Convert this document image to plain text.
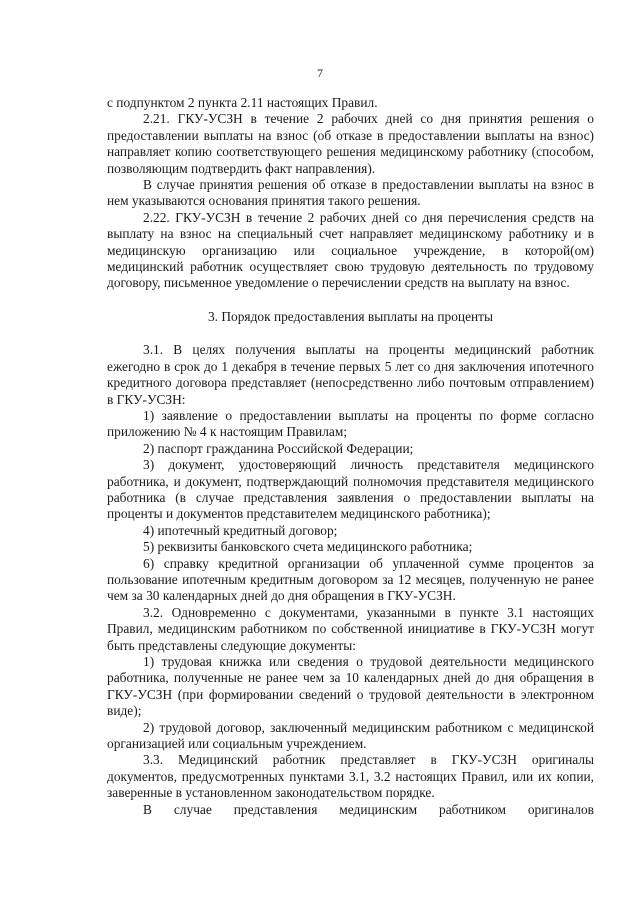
7

с подпунктом 2 пункта 2.11 настоящих Правил.

2.21. ГКУ-УСЗН в течение 2 рабочих дней со дня принятия решения о предоставлении выплаты на взнос (об отказе в предоставлении выплаты на взнос) направляет копию соответствующего решения медицинскому работнику (способом, позволяющим подтвердить факт направления).

В случае принятия решения об отказе в предоставлении выплаты на взнос в нем указываются основания принятия такого решения.

2.22. ГКУ-УСЗН в течение 2 рабочих дней со дня перечисления средств на выплату на взнос на специальный счет направляет медицинскому работнику и в медицинскую организацию или социальное учреждение, в которой(ом) медицинский работник осуществляет свою трудовую деятельность по трудовому договору, письменное уведомление о перечислении средств на выплату на взнос.

3. Порядок предоставления выплаты на проценты

3.1. В целях получения выплаты на проценты медицинский работник ежегодно в срок до 1 декабря в течение первых 5 лет со дня заключения ипотечного кредитного договора представляет (непосредственно либо почтовым отправлением) в ГКУ-УСЗН:

1) заявление о предоставлении выплаты на проценты по форме согласно приложению № 4 к настоящим Правилам;

2) паспорт гражданина Российской Федерации;

3) документ, удостоверяющий личность представителя медицинского работника, и документ, подтверждающий полномочия представителя медицинского работника (в случае представления заявления о предоставлении выплаты на проценты и документов представителем медицинского работника);

4) ипотечный кредитный договор;

5) реквизиты банковского счета медицинского работника;

6) справку кредитной организации об уплаченной сумме процентов за пользование ипотечным кредитным договором за 12 месяцев, полученную не ранее чем за 30 календарных дней до дня обращения в ГКУ-УСЗН.

3.2. Одновременно с документами, указанными в пункте 3.1 настоящих Правил, медицинским работником по собственной инициативе в ГКУ-УСЗН могут быть представлены следующие документы:

1) трудовая книжка или сведения о трудовой деятельности медицинского работника, полученные не ранее чем за 10 календарных дней до дня обращения в ГКУ-УСЗН (при формировании сведений о трудовой деятельности в электронном виде);

2) трудовой договор, заключенный медицинским работником с медицинской организацией или социальным учреждением.

3.3. Медицинский работник представляет в ГКУ-УСЗН оригиналы документов, предусмотренных пунктами 3.1, 3.2 настоящих Правил, или их копии, заверенные в установленном законодательством порядке.

В случае представления медицинским работником оригиналов
